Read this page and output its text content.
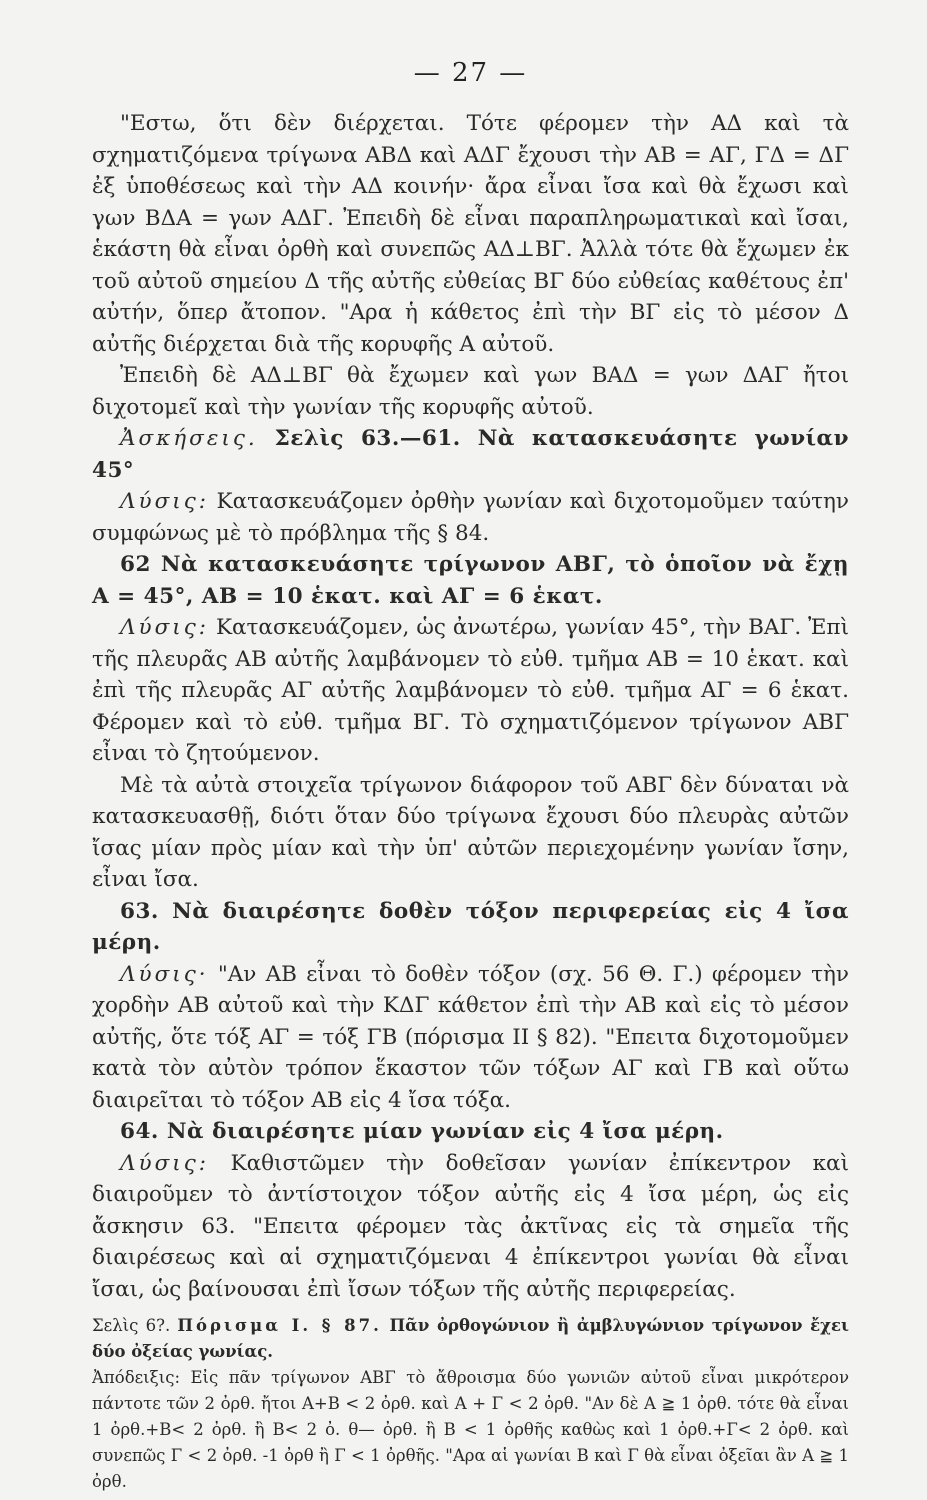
— 27 —

"Εστω, ὅτι δὲν διέρχεται. Τότε φέρομεν τὴν ΑΔ καὶ τὰ σχηματιζόμενα τρίγωνα ΑΒΔ καὶ ΑΔΓ ἔχουσι τὴν ΑΒ = ΑΓ, ΓΔ = ΔΓ ἐξ ὑποθέσεως καὶ τὴν ΑΔ κοινήν· ἄρα εἶναι ἴσα καὶ θὰ ἔχωσι καὶ γων ΒΔΑ = γων ΑΔΓ. Ἐπειδὴ δὲ εἶναι παραπληρωματικαὶ καὶ ἴσαι, ἑκάστη θὰ εἶναι ὀρθὴ καὶ συνεπῶς ΑΔ⊥ΒΓ. Ἀλλὰ τότε θὰ ἔχωμεν ἐκ τοῦ αὐτοῦ σημείου Δ τῆς αὐτῆς εὐθείας ΒΓ δύο εὐθείας καθέτους ἐπ' αὐτήν, ὅπερ ἄτοπον. "Αρα ἡ κάθετος ἐπὶ τὴν ΒΓ εἰς τὸ μέσον Δ αὐτῆς διέρχεται διὰ τῆς κορυφῆς Α αὐτοῦ.

Ἐπειδὴ δὲ ΑΔ⊥ΒΓ θὰ ἔχωμεν καὶ γων ΒΑΔ = γων ΔΑΓ ἤτοι διχοτομεῖ καὶ τὴν γωνίαν τῆς κορυφῆς αὐτοῦ.

Ἀσκήσεις. Σελὶς 63.—61. Νὰ κατασκευάσητε γωνίαν 45°

Λύσις: Κατασκευάζομεν ὀρθὴν γωνίαν καὶ διχοτομοῦμεν ταύτην συμφώνως μὲ τὸ πρόβλημα τῆς § 84.

62 Νὰ κατασκευάσητε τρίγωνον ΑΒΓ, τὸ ὁποῖον νὰ ἔχῃ Α = 45°, ΑΒ = 10 ἑκατ. καὶ ΑΓ = 6 ἑκατ.

Λύσις: Κατασκευάζομεν, ὡς ἀνωτέρω, γωνίαν 45°, τὴν ΒΑΓ. Ἐπὶ τῆς πλευρᾶς ΑΒ αὐτῆς λαμβάνομεν τὸ εὐθ. τμῆμα ΑΒ = 10 ἑκατ. καὶ ἐπὶ τῆς πλευρᾶς ΑΓ αὐτῆς λαμβάνομεν τὸ εὐθ. τμῆμα ΑΓ = 6 ἑκατ. Φέρομεν καὶ τὸ εὐθ. τμῆμα ΒΓ. Τὸ σχηματιζόμενον τρίγωνον ΑΒΓ εἶναι τὸ ζητούμενον.

Μὲ τὰ αὐτὰ στοιχεῖα τρίγωνον διάφορον τοῦ ΑΒΓ δὲν δύναται νὰ κατασκευασθῇ, διότι ὅταν δύο τρίγωνα ἔχουσι δύο πλευρὰς αὐτῶν ἴσας μίαν πρὸς μίαν καὶ τὴν ὑπ' αὐτῶν περιεχομένην γωνίαν ἴσην, εἶναι ἴσα.

63. Νὰ διαιρέσητε δοθὲν τόξον περιφερείας εἰς 4 ἴσα μέρη.

Λύσις· "Αν ΑΒ εἶναι τὸ δοθὲν τόξον (σχ. 56 Θ. Γ.) φέρομεν τὴν χορδὴν ΑΒ αὐτοῦ καὶ τὴν ΚΔΓ κάθετον ἐπὶ τὴν ΑΒ καὶ εἰς τὸ μέσον αὐτῆς, ὅτε τόξ ΑΓ = τόξ ΓΒ (πόρισμα ΙΙ § 82). "Επειτα διχοτομοῦμεν κατὰ τὸν αὐτὸν τρόπον ἕκαστον τῶν τόξων ΑΓ καὶ ΓΒ καὶ οὕτω διαιρεῖται τὸ τόξον ΑΒ εἰς 4 ἴσα τόξα.

64. Νὰ διαιρέσητε μίαν γωνίαν εἰς 4 ἴσα μέρη.

Λύσις: Καθιστῶμεν τὴν δοθεῖσαν γωνίαν ἐπίκεντρον καὶ διαιροῦμεν τὸ ἀντίστοιχον τόξον αὐτῆς εἰς 4 ἴσα μέρη, ὡς εἰς ἄσκησιν 63. "Επειτα φέρομεν τὰς ἀκτῖνας εἰς τὰ σημεῖα τῆς διαιρέσεως καὶ αἱ σχηματιζόμεναι 4 ἐπίκεντροι γωνίαι θὰ εἶναι ἴσαι, ὡς βαίνουσαι ἐπὶ ἴσων τόξων τῆς αὐτῆς περιφερείας.

Σελὶς 6?. Πόρισμα Ι. § 87. Πᾶν ὀρθογώνιον ἢ ἀμβλυγώνιον τρίγωνον ἔχει δύο ὀξείας γωνίας.

Ἀπόδειξις: Εἰς πᾶν τρίγωνον ΑΒΓ τὸ ἄθροισμα δύο γωνιῶν αὐτοῦ εἶναι μικρότερον πάντοτε τῶν 2 ὀρθ. ἤτοι Α+Β < 2 ὀρθ. καὶ Α + Γ < 2 ὀρθ. "Αν δὲ Α ≧ 1 ὀρθ. τότε θὰ εἶναι 1 ὀρθ.+Β< 2 ὀρθ. ἢ Β< 2 ὀ. θ— ὀρθ. ἢ Β < 1 ὀρθῆς καθὼς καὶ 1 ὀρθ.+Γ< 2 ὀρθ. καὶ συνεπῶς Γ < 2 ὀρθ. -1 ὀρθ ἢ Γ < 1 ὀρθῆς. "Αρα αἱ γωνίαι Β καὶ Γ θὰ εἶναι ὀξεῖαι ἂν Α ≧ 1 ὀρθ.
